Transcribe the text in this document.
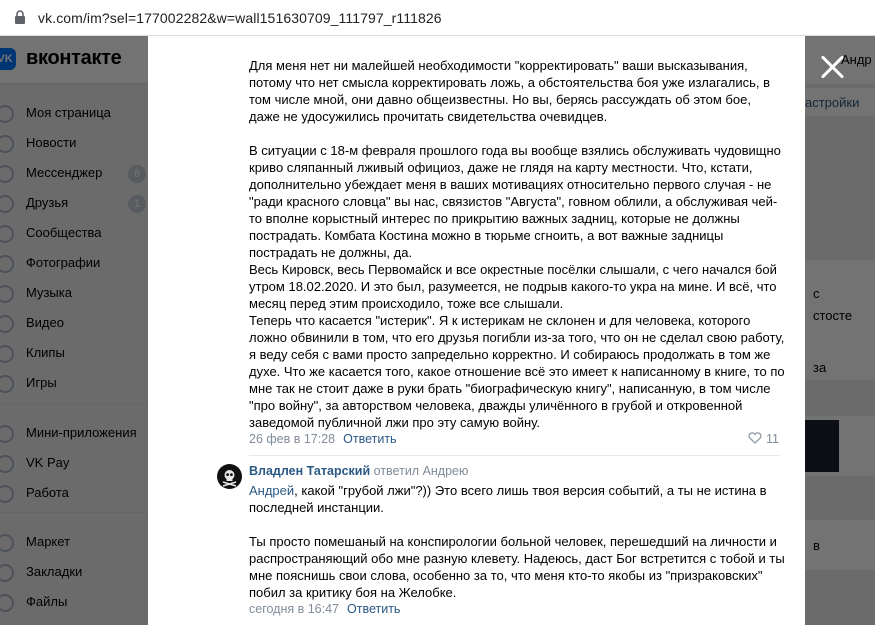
vk.com/im?sel=177002282&w=wall151630709_111797_r111826
Для меня нет ни малейшей необходимости "корректировать" ваши высказывания, потому что нет смысла корректировать ложь, а обстоятельства боя уже излагались, в том числе мной, они давно общеизвестны. Но вы, берясь рассуждать об этом бое, даже не удосужились прочитать свидетельства очевидцев.
В ситуации с 18-м февраля прошлого года вы вообще взялись обслуживать чудовищно криво сляпанный лживый официоз, даже не глядя на карту местности. Что, кстати, дополнительно убеждает меня в ваших мотивациях относительно первого случая - не "ради красного словца" вы нас, связистов "Августа", говном облили, а обслуживая чей-то вполне корыстный интерес по прикрытию важных задниц, которые не должны пострадать. Комбата Костина можно в тюрьме сгноить, а вот важные задницы пострадать не должны, да.
Весь Кировск, весь Первомайск и все окрестные посёлки слышали, с чего начался бой утром 18.02.2020. И это был, разумеется, не подрыв какого-то укра на мине. И всё, что месяц перед этим происходило, тоже все слышали.
Теперь что касается "истерик". Я к истерикам не склонен и для человека, которого ложно обвинили в том, что его друзья погибли из-за того, что он не сделал свою работу, я веду себя с вами просто запредельно корректно. И собираюсь продолжать в том же духе. Что же касается того, какое отношение всё это имеет к написанному в книге, то по мне так не стоит даже в руки брать "биографическую книгу", написанную, в том числе "про войну", за авторством человека, дважды уличённого в грубой и откровенной заведомой публичной лжи про эту самую войну.
26 фев в 17:28 Ответить	11
Владлен Татарский ответил Андрею
Андрей, какой "грубой лжи"?)) Это всего лишь твоя версия событий, а ты не истина в последней инстанции.
Ты просто помешаный на конспирологии больной человек, перешедший на личности и распространяющий обо мне разную клевету. Надеюсь, даст Бог встретится с тобой и ты мне пояснишь свои слова, особенно за то, что меня кто-то якобы из "призраковских" побил за критику боя на Желобке.
сегодня в 16:47 Ответить
